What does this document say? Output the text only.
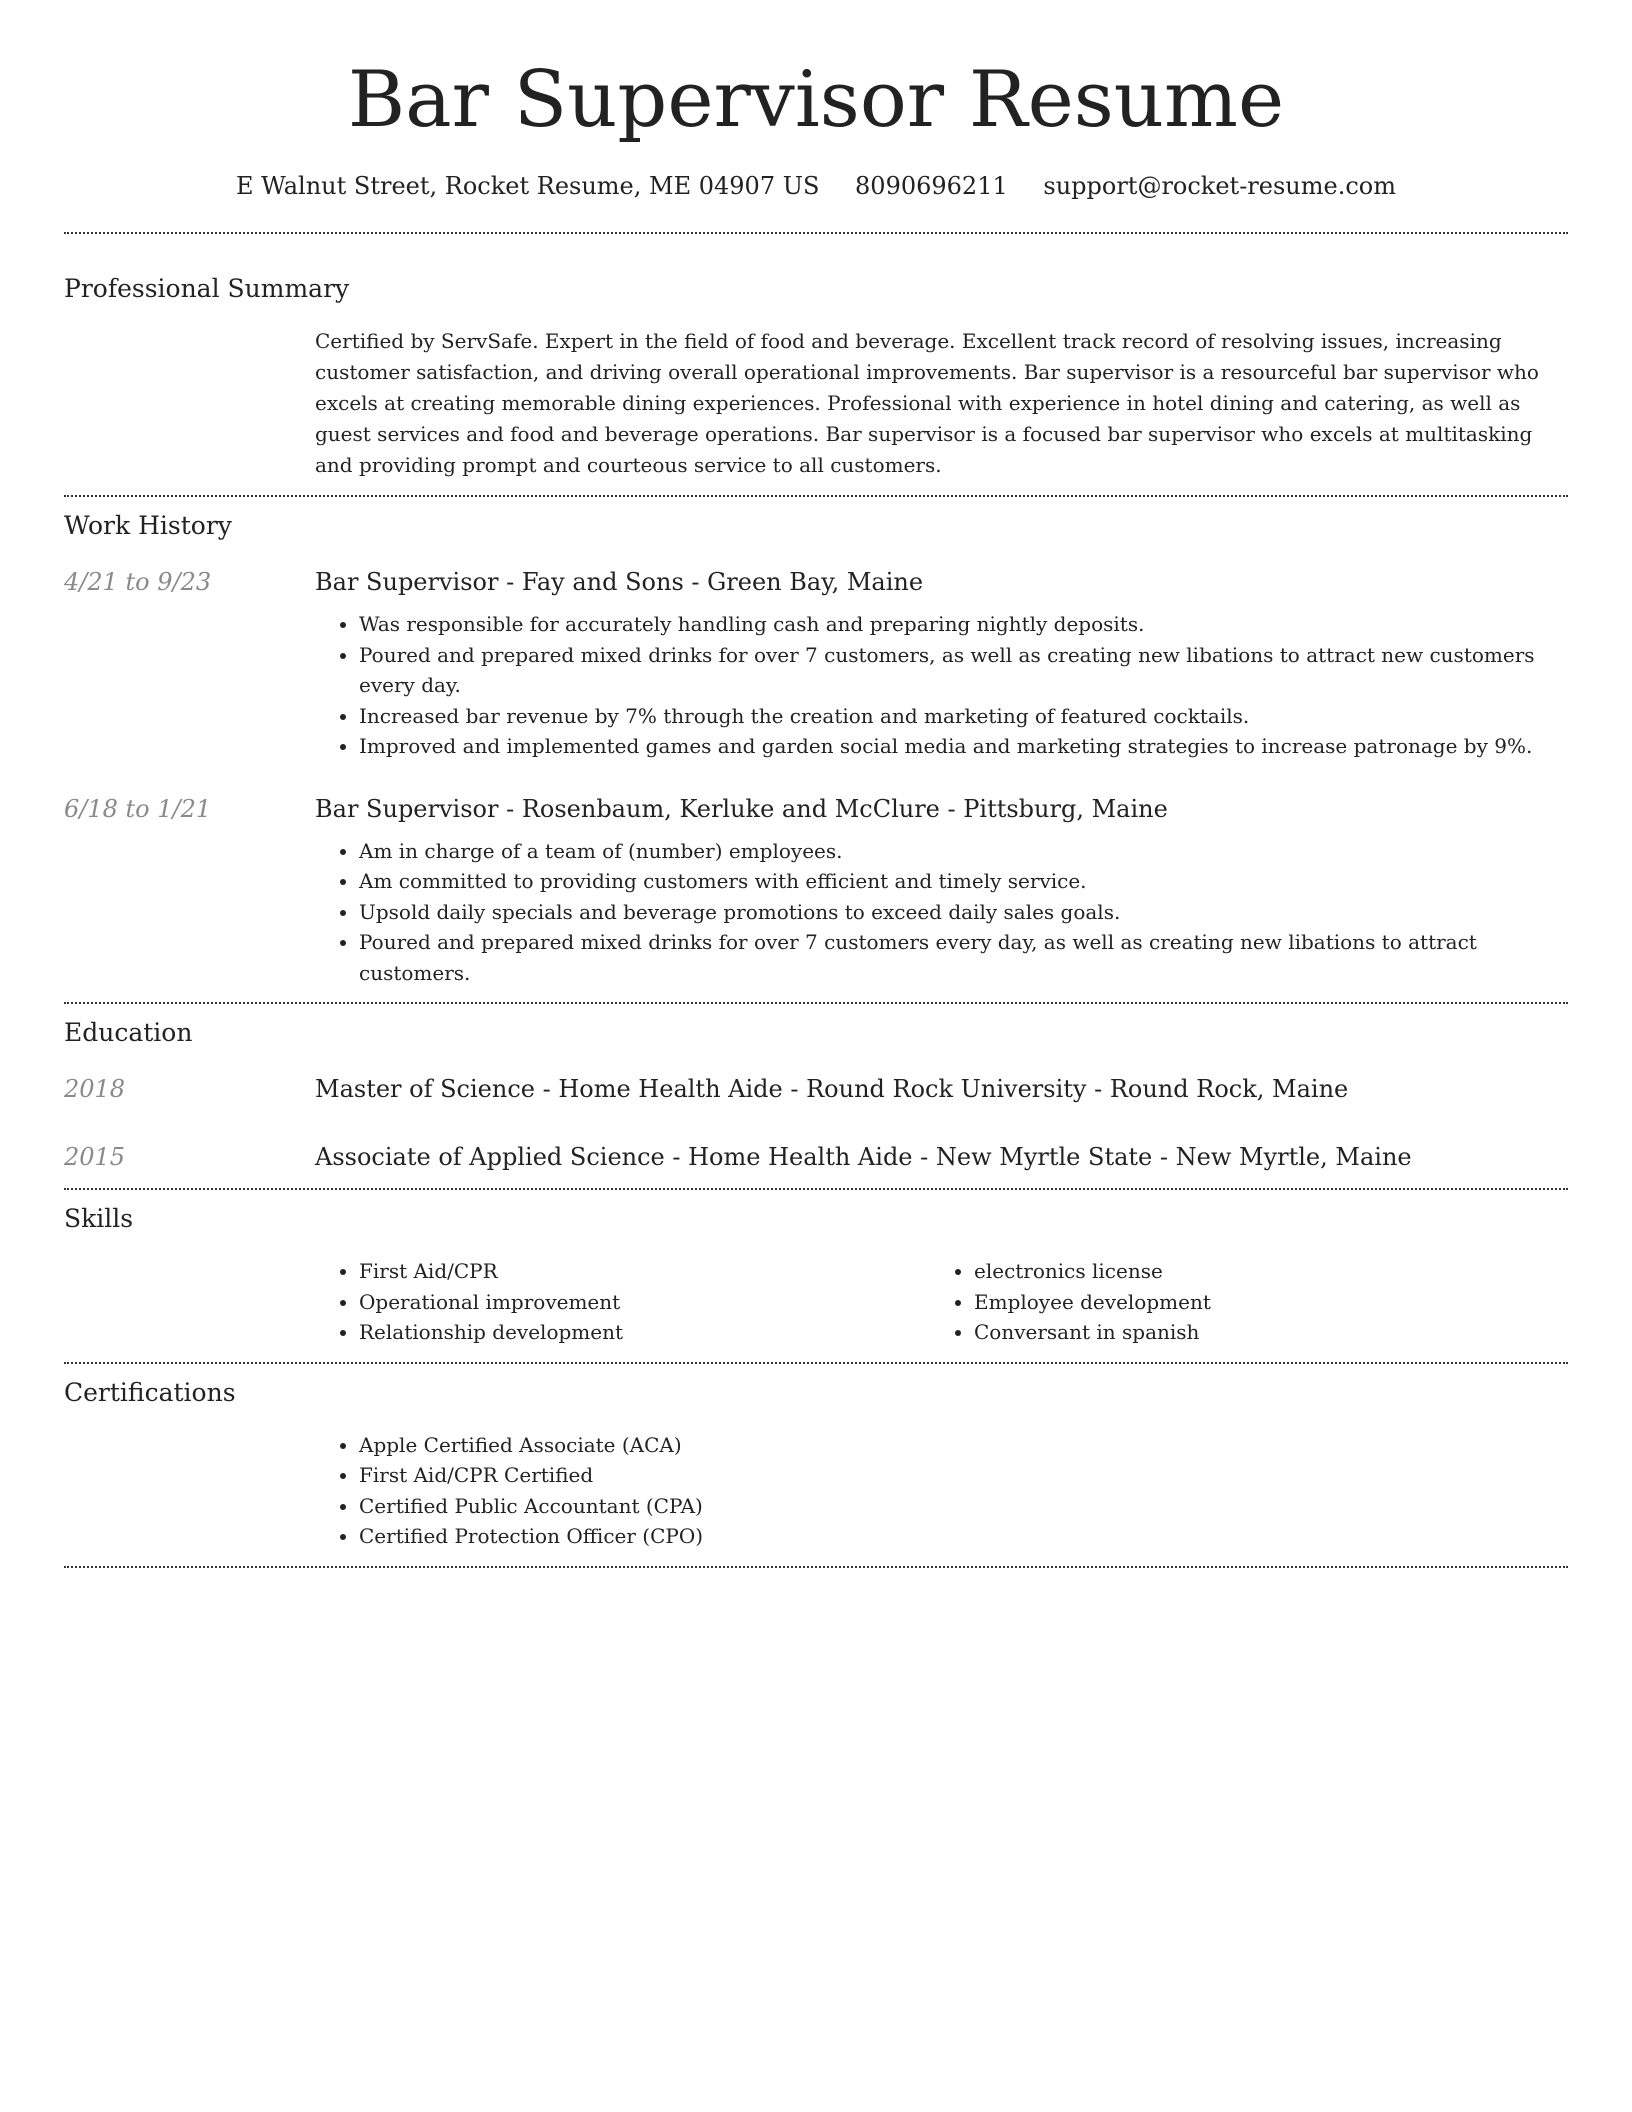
Bar Supervisor Resume
E Walnut Street, Rocket Resume, ME 04907 US 8090696211 support@rocket-resume.com
Professional Summary

Certified by ServSafe. Expert in the field of food and beverage. Excellent track record of resolving issues, increasing customer satisfaction, and driving overall operational improvements. Bar supervisor is a resourceful bar supervisor who excels at creating memorable dining experiences. Professional with experience in hotel dining and catering, as well as guest services and food and beverage operations. Bar supervisor is a focused bar supervisor who excels at multitasking and providing prompt and courteous service to all customers.

Work History
4/21 to 9/23	Bar Supervisor - Fay and Sons - Green Bay, Maine
• Was responsible for accurately handling cash and preparing nightly deposits.
• Poured and prepared mixed drinks for over 7 customers, as well as creating new libations to attract new customers every day.
• Increased bar revenue by 7% through the creation and marketing of featured cocktails.
• Improved and implemented games and garden social media and marketing strategies to increase patronage by 9%.
6/18 to 1/21	Bar Supervisor - Rosenbaum, Kerluke and McClure - Pittsburg, Maine
• Am in charge of a team of (number) employees.
• Am committed to providing customers with efficient and timely service.
• Upsold daily specials and beverage promotions to exceed daily sales goals.
• Poured and prepared mixed drinks for over 7 customers every day, as well as creating new libations to attract customers.
Education
2018	Master of Science - Home Health Aide - Round Rock University - Round Rock, Maine
2015	Associate of Applied Science - Home Health Aide - New Myrtle State - New Myrtle, Maine
Skills
• First Aid/CPR
• Operational improvement
• Relationship development
• electronics license
• Employee development
• Conversant in spanish
Certifications
• Apple Certified Associate (ACA)
• First Aid/CPR Certified
• Certified Public Accountant (CPA)
• Certified Protection Officer (CPO)
